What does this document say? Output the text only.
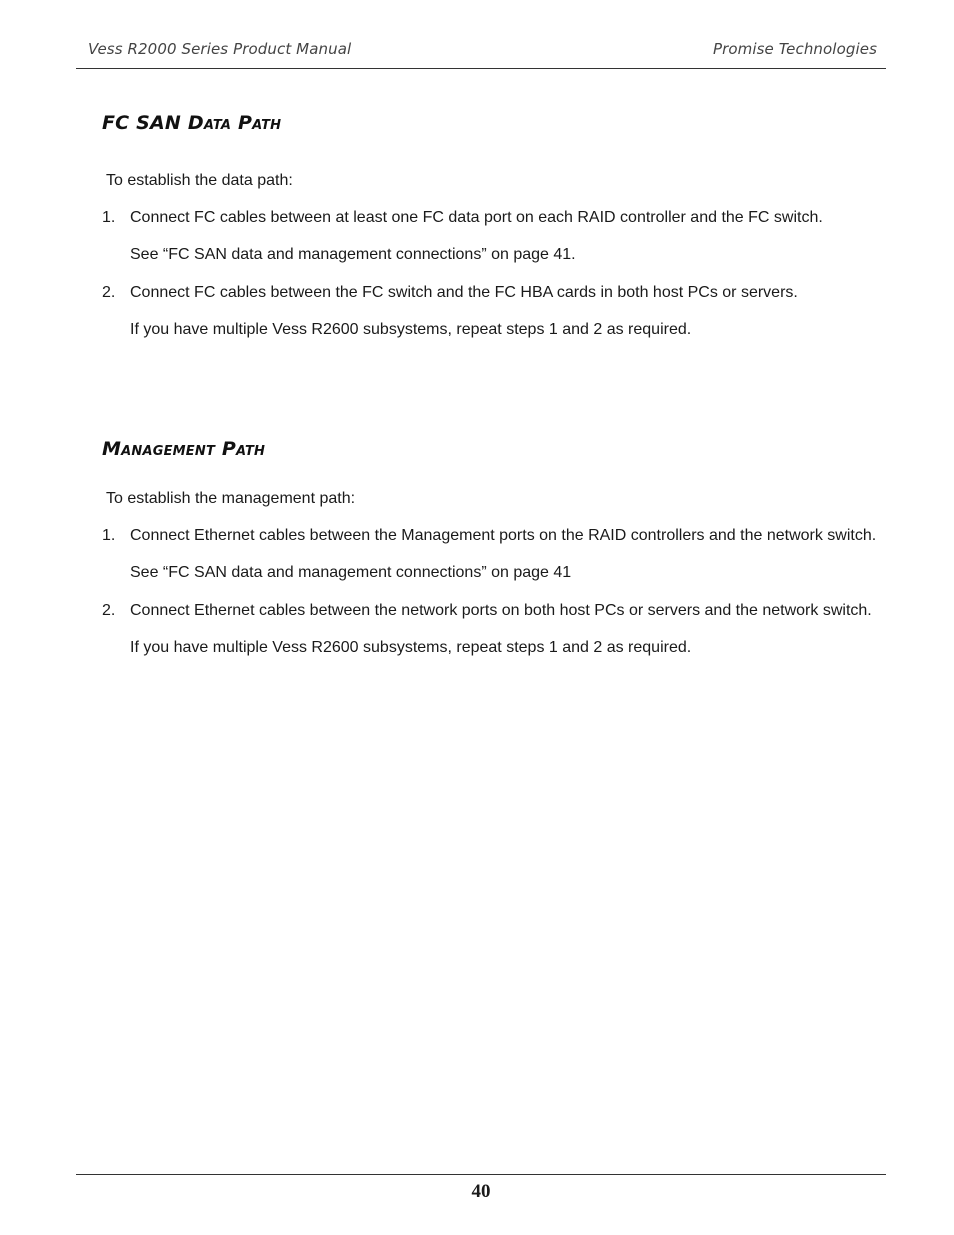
Vess R2000 Series Product Manual	Promise Technologies
FC SAN Data Path
To establish the data path:
1. Connect FC cables between at least one FC data port on each RAID controller and the FC switch.
See “FC SAN data and management connections” on page 41.
2. Connect FC cables between the FC switch and the FC HBA cards in both host PCs or servers.
If you have multiple Vess R2600 subsystems, repeat steps 1 and 2 as required.
Management Path
To establish the management path:
1. Connect Ethernet cables between the Management ports on the RAID controllers and the network switch.
See “FC SAN data and management connections” on page 41
2. Connect Ethernet cables between the network ports on both host PCs or servers and the network switch.
If you have multiple Vess R2600 subsystems, repeat steps 1 and 2 as required.
40
